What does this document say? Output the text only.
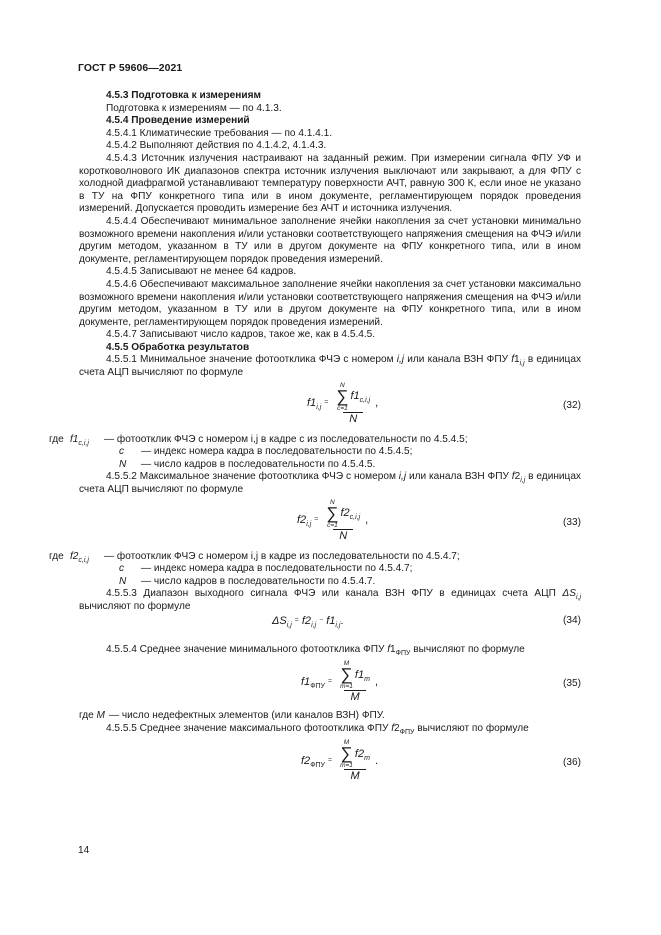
ГОСТ Р 59606—2021

4.5.3 Подготовка к измерениям

Подготовка к измерениям — по 4.1.3.

4.5.4 Проведение измерений

4.5.4.1 Климатические требования — по 4.1.4.1.

4.5.4.2 Выполняют действия по 4.1.4.2, 4.1.4.3.

4.5.4.3 Источник излучения настраивают на заданный режим. При измерении сигнала ФПУ УФ и коротковолнового ИК диапазонов спектра источник излучения выключают или закрывают, а для ФПУ с холодной диафрагмой устанавливают температуру поверхности АЧТ, равную 300 К, если иное не указано в ТУ на ФПУ конкретного типа или в ином документе, регламентирующем порядок проведения измерений. Допускается проводить измерение без АЧТ и источника излучения.

4.5.4.4 Обеспечивают минимальное заполнение ячейки накопления за счет установки минимально возможного времени накопления и/или установки соответствующего напряжения смещения на ФЧЭ и/или другим методом, указанном в ТУ или в другом документе на ФПУ конкретного типа, или в ином документе, регламентирующем порядок проведения измерений.

4.5.4.5 Записывают не менее 64 кадров.

4.5.4.6 Обеспечивают максимальное заполнение ячейки накопления за счет установки максимально возможного времени накопления и/или установки соответствующего напряжения смещения на ФЧЭ и/или другим методом, указанном в ТУ или в другом документе на ФПУ конкретного типа, или в ином документе, регламентирующем порядок проведения измерений.

4.5.4.7 Записывают число кадров, такое же, как в 4.5.4.5.

4.5.5 Обработка результатов

4.5.5.1 Минимальное значение фотоотклика ФЧЭ с номером i,j или канала ВЗН ФПУ $f1_{i,j}$ в единицах счета АЦП вычисляют по формуле

$f1_{i,j}$
= N
∑
c=1
$f1_{c,i,j}$
N ,	(32)
где $f1_{c,i,j}$ — фотоотклик ФЧЭ с номером i,j в кадре c из последовательности по 4.5.4.5;
c — индекс номера кадра в последовательности по 4.5.4.5;
N — число кадров в последовательности по 4.5.4.5.

4.5.5.2 Максимальное значение фотоотклика ФЧЭ с номером i,j или канала ВЗН ФПУ $f2_{i,j}$ в единицах счета АЦП вычисляют по формуле

$f2_{i,j}$
= N
∑
c=1
$f2_{c,i,j}$
N ,	(33)
где $f2_{c,i,j}$ — фотоотклик ФЧЭ с номером i,j в кадре из последовательности по 4.5.4.7;
c — индекс номера кадра в последовательности по 4.5.4.7;
N — число кадров в последовательности по 4.5.4.7.

4.5.5.3 Диапазон выходного сигнала ФЧЭ или канала ВЗН ФПУ в единицах счета АЦП $\Delta S_{i,j}$ вычисляют по формуле

$\Delta S_{i,j}$
= $f2_{i,j}$
− $f1_{i,j}$ .	(34)

4.5.5.4 Среднее значение минимального фотоотклика ФПУ $f1_{ФПУ}$ вычисляют по формуле

$f1_{ФПУ}$
= M
∑
m=1
$f1_m$
M ,	(35)
где M — число недефектных элементов (или каналов ВЗН) ФПУ.

4.5.5.5 Среднее значение максимального фотоотклика ФПУ $f2_{ФПУ}$ вычисляют по формуле

$f2_{ФПУ}$
= M
∑
m=1
$f2_m$
M .	(36)
14
